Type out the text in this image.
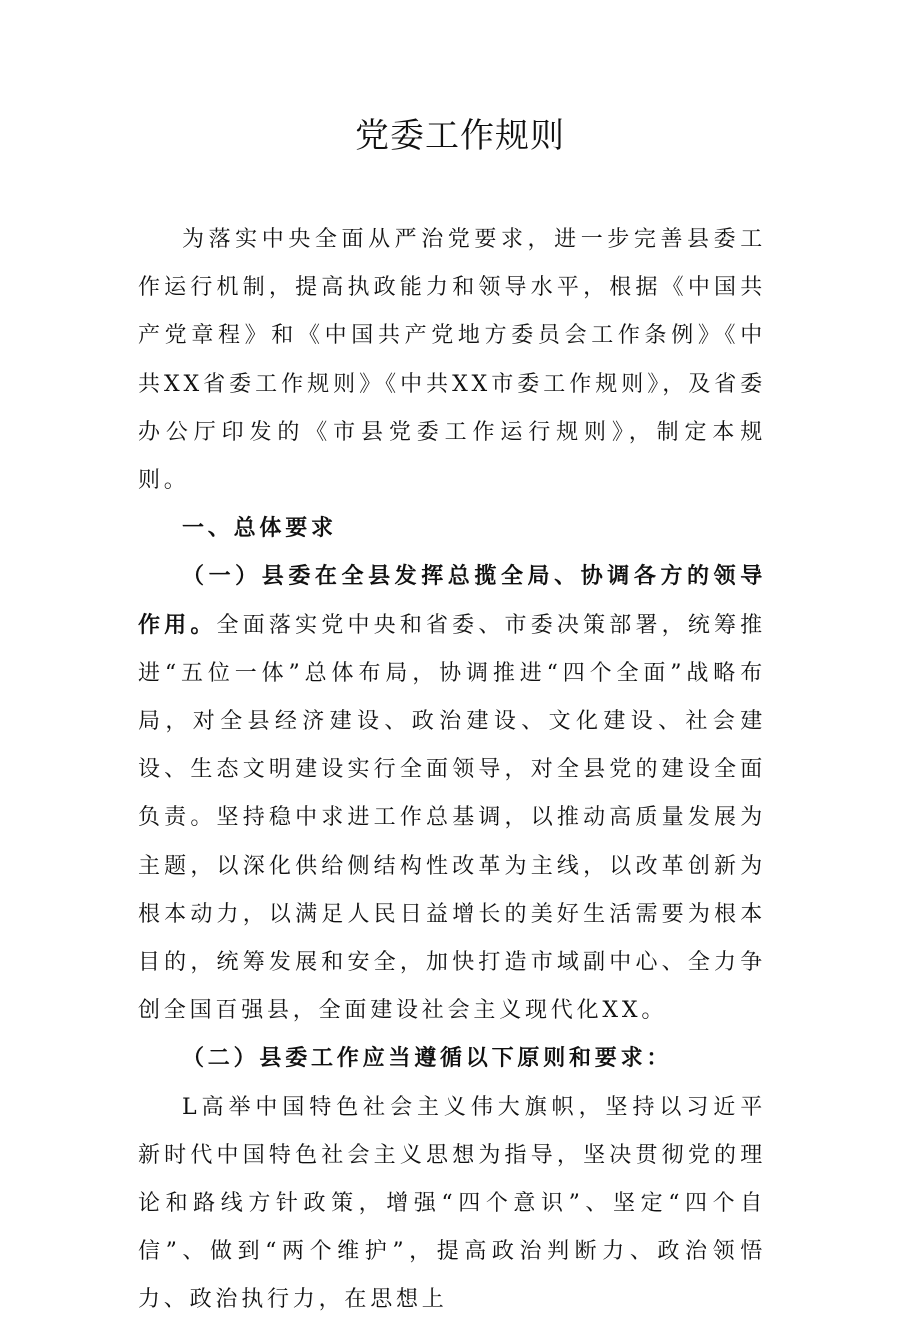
党委工作规则

为落实中央全面从严治党要求，进一步完善县委工作运行机制，提高执政能力和领导水平，根据《中国共产党章程》和《中国共产党地方委员会工作条例》《中共XX省委工作规则》《中共XX市委工作规则》，及省委办公厅印发的《市县党委工作运行规则》，制定本规则。

一、总体要求

（一）县委在全县发挥总揽全局、协调各方的领导作用。全面落实党中央和省委、市委决策部署，统筹推进“五位一体”总体布局，协调推进“四个全面”战略布局，对全县经济建设、政治建设、文化建设、社会建设、生态文明建设实行全面领导，对全县党的建设全面负责。坚持稳中求进工作总基调，以推动高质量发展为主题，以深化供给侧结构性改革为主线，以改革创新为根本动力，以满足人民日益增长的美好生活需要为根本目的，统筹发展和安全，加快打造市域副中心、全力争创全国百强县，全面建设社会主义现代化XX。

（二）县委工作应当遵循以下原则和要求：

L高举中国特色社会主义伟大旗帜，坚持以习近平新时代中国特色社会主义思想为指导，坚决贯彻党的理论和路线方针政策，增强“四个意识”、坚定“四个自信”、做到“两个维护”，提高政治判断力、政治领悟力、政治执行力，在思想上
